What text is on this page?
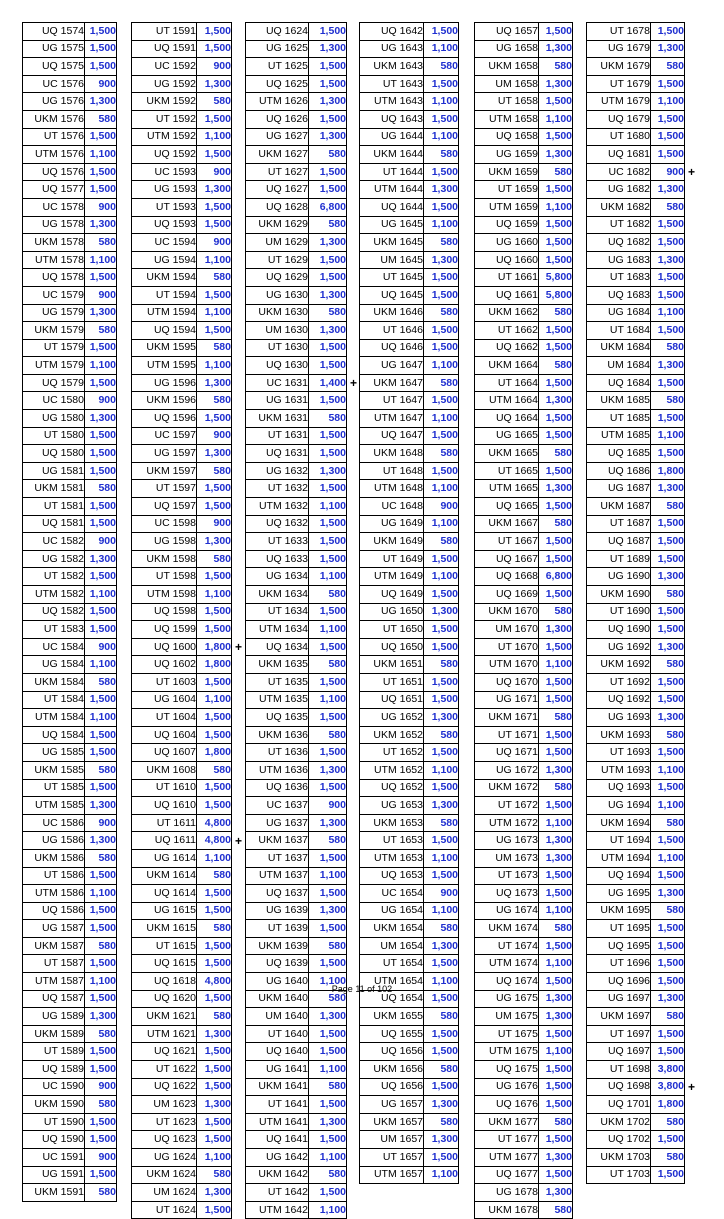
UQ 1574	1,500
UG 1575	1,500
UQ 1575	1,500
UC 1576	900
UG 1576	1,300
UKM 1576	580
UT 1576	1,500
UTM 1576	1,100
UQ 1576	1,500
UQ 1577	1,500
UC 1578	900
UG 1578	1,300
UKM 1578	580
UTM 1578	1,100
UQ 1578	1,500
UC 1579	900
UG 1579	1,300
UKM 1579	580
UT 1579	1,500
UTM 1579	1,100
UQ 1579	1,500
UC 1580	900
UG 1580	1,300
UT 1580	1,500
UQ 1580	1,500
UG 1581	1,500
UKM 1581	580
UT 1581	1,500
UQ 1581	1,500
UC 1582	900
UG 1582	1,300
UT 1582	1,500
UTM 1582	1,100
UQ 1582	1,500
UT 1583	1,500
UC 1584	900
UG 1584	1,100
UKM 1584	580
UT 1584	1,500
UTM 1584	1,100
UQ 1584	1,500
UG 1585	1,500
UKM 1585	580
UT 1585	1,500
UTM 1585	1,300
UC 1586	900
UG 1586	1,300
UKM 1586	580
UT 1586	1,500
UTM 1586	1,100
UQ 1586	1,500
UG 1587	1,500
UKM 1587	580
UT 1587	1,500
UTM 1587	1,100
UQ 1587	1,500
UG 1589	1,300
UKM 1589	580
UT 1589	1,500
UQ 1589	1,500
UC 1590	900
UKM 1590	580
UT 1590	1,500
UQ 1590	1,500
UC 1591	900
UG 1591	1,500
UKM 1591	580
UT 1591	1,500
UQ 1591	1,500
UC 1592	900
UG 1592	1,300
UKM 1592	580
UT 1592	1,500
UTM 1592	1,100
UQ 1592	1,500
UC 1593	900
UG 1593	1,300
UT 1593	1,500
UQ 1593	1,500
UC 1594	900
UG 1594	1,100
UKM 1594	580
UT 1594	1,500
UTM 1594	1,100
UQ 1594	1,500
UKM 1595	580
UTM 1595	1,100
UG 1596	1,300
UKM 1596	580
UQ 1596	1,500
UC 1597	900
UG 1597	1,300
UKM 1597	580
UT 1597	1,500
UQ 1597	1,500
UC 1598	900
UG 1598	1,300
UKM 1598	580
UT 1598	1,500
UTM 1598	1,100
UQ 1598	1,500
UQ 1599	1,500
UQ 1600	1,800
UQ 1602	1,800
UT 1603	1,500
UG 1604	1,100
UT 1604	1,500
UQ 1604	1,500
UQ 1607	1,800
UKM 1608	580
UT 1610	1,500
UQ 1610	1,500
UT 1611	4,800
UQ 1611	4,800
UG 1614	1,100
UKM 1614	580
UQ 1614	1,500
UG 1615	1,500
UKM 1615	580
UT 1615	1,500
UQ 1615	1,500
UQ 1618	4,800
UQ 1620	1,500
UKM 1621	580
UTM 1621	1,300
UQ 1621	1,500
UT 1622	1,500
UQ 1622	1,500
UM 1623	1,300
UT 1623	1,500
UQ 1623	1,500
UG 1624	1,100
UKM 1624	580
UM 1624	1,300
UT 1624	1,500
UQ 1624	1,500
UG 1625	1,300
UT 1625	1,500
UQ 1625	1,500
UTM 1626	1,300
UQ 1626	1,500
UG 1627	1,300
UKM 1627	580
UT 1627	1,500
UQ 1627	1,500
UQ 1628	6,800
UKM 1629	580
UM 1629	1,300
UT 1629	1,500
UQ 1629	1,500
UG 1630	1,300
UKM 1630	580
UM 1630	1,300
UT 1630	1,500
UQ 1630	1,500
UC 1631	1,400
UG 1631	1,500
UKM 1631	580
UT 1631	1,500
UQ 1631	1,500
UG 1632	1,300
UT 1632	1,500
UTM 1632	1,100
UQ 1632	1,500
UT 1633	1,500
UQ 1633	1,500
UG 1634	1,100
UKM 1634	580
UT 1634	1,500
UTM 1634	1,100
UQ 1634	1,500
UKM 1635	580
UT 1635	1,500
UTM 1635	1,100
UQ 1635	1,500
UKM 1636	580
UT 1636	1,500
UTM 1636	1,300
UQ 1636	1,500
UC 1637	900
UG 1637	1,300
UKM 1637	580
UT 1637	1,500
UTM 1637	1,100
UQ 1637	1,500
UG 1639	1,300
UT 1639	1,500
UKM 1639	580
UQ 1639	1,500
UG 1640	1,100
UKM 1640	580
UM 1640	1,300
UT 1640	1,500
UQ 1640	1,500
UG 1641	1,100
UKM 1641	580
UT 1641	1,500
UTM 1641	1,300
UQ 1641	1,500
UG 1642	1,100
UKM 1642	580
UT 1642	1,500
UTM 1642	1,100
UQ 1642	1,500
UG 1643	1,100
UKM 1643	580
UT 1643	1,500
UTM 1643	1,100
UQ 1643	1,500
UG 1644	1,100
UKM 1644	580
UT 1644	1,500
UTM 1644	1,300
UQ 1644	1,500
UG 1645	1,100
UKM 1645	580
UM 1645	1,300
UT 1645	1,500
UQ 1645	1,500
UKM 1646	580
UT 1646	1,500
UQ 1646	1,500
UG 1647	1,100
UKM 1647	580
UT 1647	1,500
UTM 1647	1,100
UQ 1647	1,500
UKM 1648	580
UT 1648	1,500
UTM 1648	1,100
UC 1648	900
UG 1649	1,100
UKM 1649	580
UT 1649	1,500
UTM 1649	1,100
UQ 1649	1,500
UG 1650	1,300
UT 1650	1,500
UQ 1650	1,500
UKM 1651	580
UT 1651	1,500
UQ 1651	1,500
UG 1652	1,300
UKM 1652	580
UT 1652	1,500
UTM 1652	1,100
UQ 1652	1,500
UG 1653	1,300
UKM 1653	580
UT 1653	1,500
UTM 1653	1,100
UQ 1653	1,500
UC 1654	900
UG 1654	1,100
UKM 1654	580
UM 1654	1,300
UT 1654	1,500
UTM 1654	1,100
UQ 1654	1,500
UKM 1655	580
UQ 1655	1,500
UQ 1656	1,500
UKM 1656	580
UQ 1656	1,500
UG 1657	1,300
UKM 1657	580
UM 1657	1,300
UT 1657	1,500
UTM 1657	1,100
UQ 1657	1,500
UG 1658	1,300
UKM 1658	580
UM 1658	1,300
UT 1658	1,500
UTM 1658	1,100
UQ 1658	1,500
UG 1659	1,300
UKM 1659	580
UT 1659	1,500
UTM 1659	1,100
UQ 1659	1,500
UG 1660	1,500
UQ 1660	1,500
UT 1661	5,800
UQ 1661	5,800
UKM 1662	580
UT 1662	1,500
UQ 1662	1,500
UKM 1664	580
UT 1664	1,500
UTM 1664	1,300
UQ 1664	1,500
UG 1665	1,500
UKM 1665	580
UT 1665	1,500
UTM 1665	1,300
UQ 1665	1,500
UKM 1667	580
UT 1667	1,500
UQ 1667	1,500
UQ 1668	6,800
UQ 1669	1,500
UKM 1670	580
UM 1670	1,300
UT 1670	1,500
UTM 1670	1,100
UQ 1670	1,500
UG 1671	1,500
UKM 1671	580
UT 1671	1,500
UQ 1671	1,500
UG 1672	1,300
UKM 1672	580
UT 1672	1,500
UTM 1672	1,100
UG 1673	1,300
UM 1673	1,300
UT 1673	1,500
UQ 1673	1,500
UG 1674	1,100
UKM 1674	580
UT 1674	1,500
UTM 1674	1,100
UQ 1674	1,500
UG 1675	1,300
UM 1675	1,300
UT 1675	1,500
UTM 1675	1,100
UQ 1675	1,500
UG 1676	1,500
UQ 1676	1,500
UKM 1677	580
UT 1677	1,500
UTM 1677	1,300
UQ 1677	1,500
UG 1678	1,300
UKM 1678	580
UT 1678	1,500
UG 1679	1,300
UKM 1679	580
UT 1679	1,500
UTM 1679	1,100
UQ 1679	1,500
UT 1680	1,500
UQ 1681	1,500
UC 1682	900
UG 1682	1,300
UKM 1682	580
UT 1682	1,500
UQ 1682	1,500
UG 1683	1,300
UT 1683	1,500
UQ 1683	1,500
UG 1684	1,100
UT 1684	1,500
UKM 1684	580
UM 1684	1,300
UQ 1684	1,500
UKM 1685	580
UT 1685	1,500
UTM 1685	1,100
UQ 1685	1,500
UQ 1686	1,800
UG 1687	1,300
UKM 1687	580
UT 1687	1,500
UQ 1687	1,500
UT 1689	1,500
UG 1690	1,300
UKM 1690	580
UT 1690	1,500
UQ 1690	1,500
UG 1692	1,300
UKM 1692	580
UT 1692	1,500
UQ 1692	1,500
UG 1693	1,300
UKM 1693	580
UT 1693	1,500
UTM 1693	1,100
UQ 1693	1,500
UG 1694	1,100
UKM 1694	580
UT 1694	1,500
UTM 1694	1,100
UQ 1694	1,500
UG 1695	1,300
UKM 1695	580
UT 1695	1,500
UQ 1695	1,500
UT 1696	1,500
UQ 1696	1,500
UG 1697	1,300
UKM 1697	580
UT 1697	1,500
UQ 1697	1,500
UT 1698	3,800
UQ 1698	3,800
UQ 1701	1,800
UKM 1702	580
UQ 1702	1,500
UKM 1703	580
UT 1703	1,500
Page 11 of 102
+
+
+
+
+
